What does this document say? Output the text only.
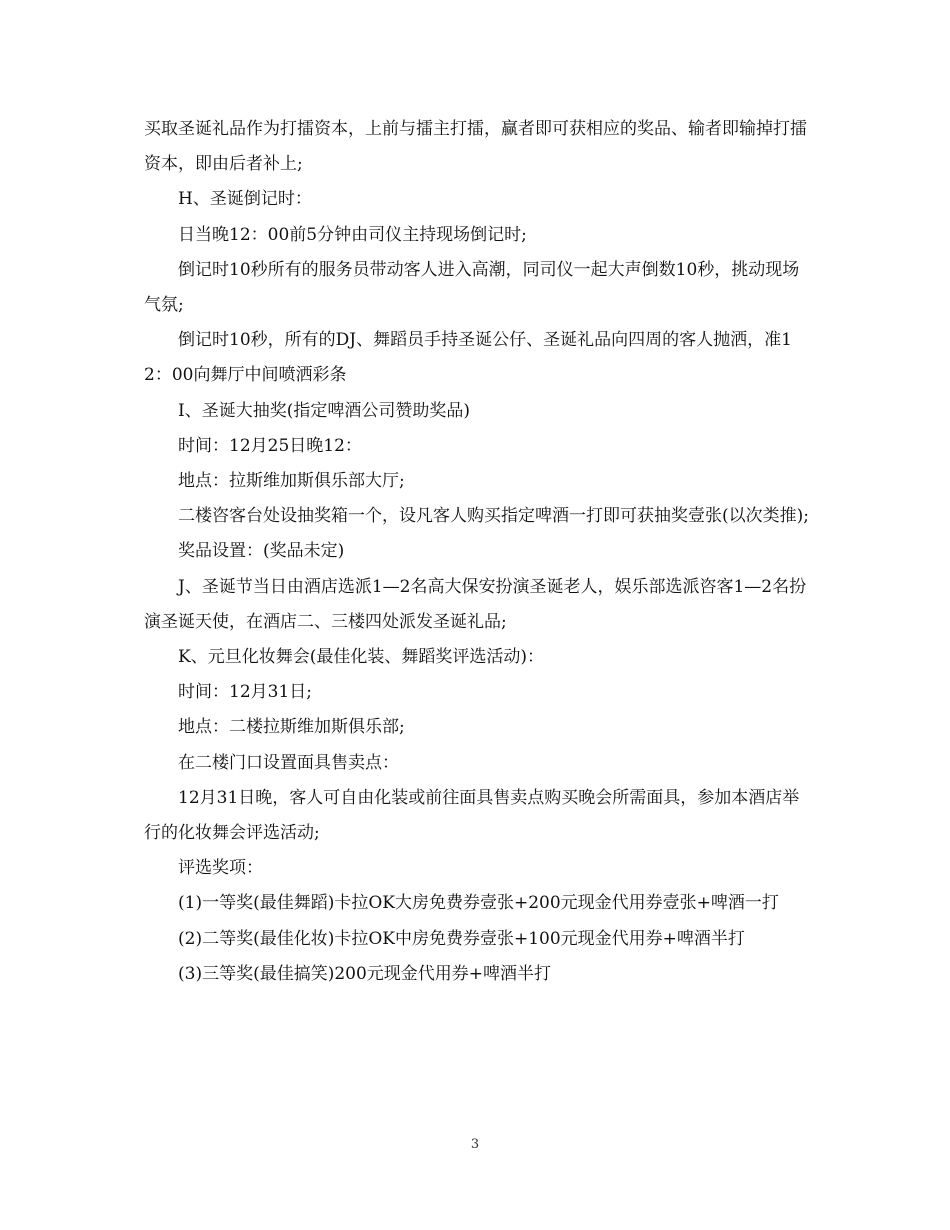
买取圣诞礼品作为打擂资本，上前与擂主打擂，赢者即可获相应的奖品、输者即输掉打擂资本，即由后者补上;

H、圣诞倒记时：

日当晚12：00前5分钟由司仪主持现场倒记时;

倒记时10秒所有的服务员带动客人进入高潮，同司仪一起大声倒数10秒，挑动现场气氛;

倒记时10秒，所有的DJ、舞蹈员手持圣诞公仔、圣诞礼品向四周的客人抛洒，准12：00向舞厅中间喷洒彩条

I、圣诞大抽奖(指定啤酒公司赞助奖品)

时间：12月25日晚12：

地点：拉斯维加斯俱乐部大厅;

二楼咨客台处设抽奖箱一个，设凡客人购买指定啤酒一打即可获抽奖壹张(以次类推);

奖品设置：(奖品未定)

J、圣诞节当日由酒店选派1—2名高大保安扮演圣诞老人，娱乐部选派咨客1—2名扮演圣诞天使，在酒店二、三楼四处派发圣诞礼品;

K、元旦化妆舞会(最佳化装、舞蹈奖评选活动)：

时间：12月31日;

地点：二楼拉斯维加斯俱乐部;

在二楼门口设置面具售卖点：

12月31日晚，客人可自由化装或前往面具售卖点购买晚会所需面具，参加本酒店举行的化妆舞会评选活动;

评选奖项：

(1)一等奖(最佳舞蹈)卡拉OK大房免费券壹张+200元现金代用券壹张+啤酒一打

(2)二等奖(最佳化妆)卡拉OK中房免费券壹张+100元现金代用券+啤酒半打

(3)三等奖(最佳搞笑)200元现金代用券+啤酒半打

3
